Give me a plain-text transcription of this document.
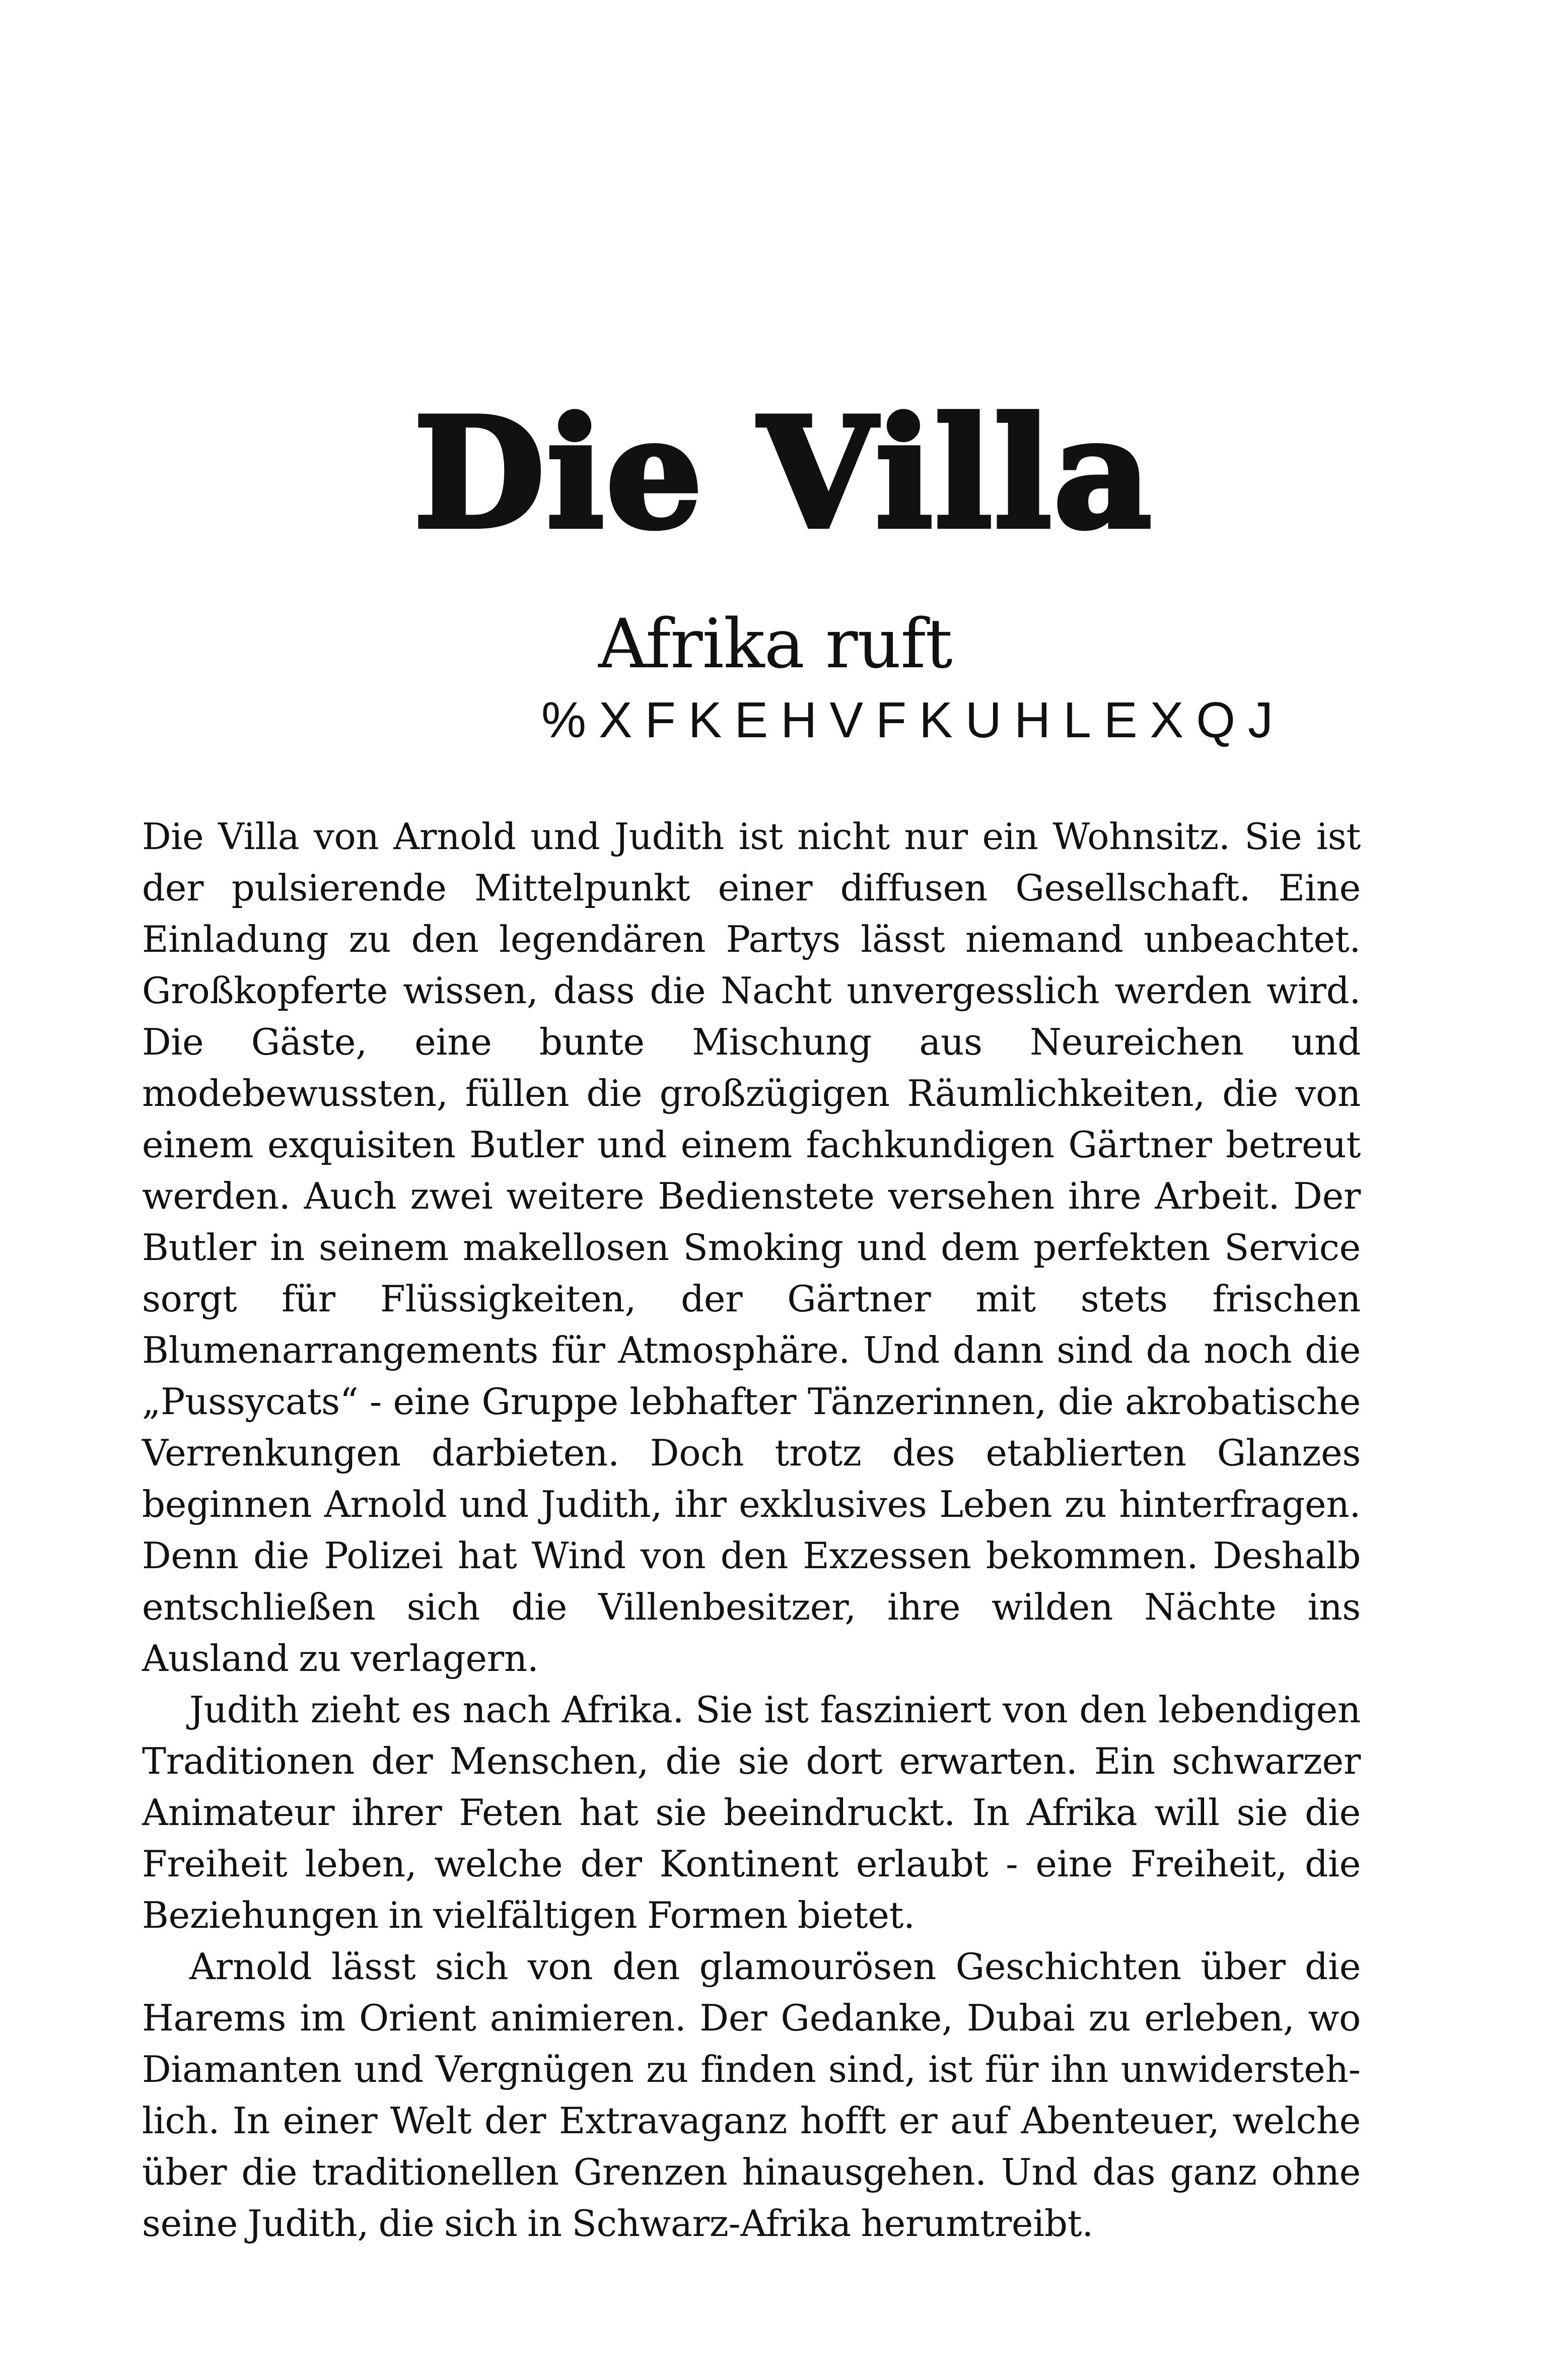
Die Villa
Afrika ruft
%XFKEHVFKUHLEXQJ

Die Villa von Arnold und Judith ist nicht nur ein Wohnsitz. Sie ist der pulsierende Mittelpunkt einer diffusen Gesellschaft. Eine Einladung zu den legendären Partys lässt niemand unbeachtet. Großkopferte wissen, dass die Nacht unvergesslich werden wird. Die Gäste, eine bunte Mischung aus Neureichen und modebewussten, füllen die großzügigen Räumlichkeiten, die von einem exquisiten Butler und einem fachkundigen Gärtner betreut werden. Auch zwei weitere Bedienstete versehen ihre Arbeit. Der Butler in seinem makellosen Smoking und dem perfekten Service sorgt für Flüssigkeiten, der Gärtner mit stets frischen Blumenarrangements für Atmosphäre. Und dann sind da noch die „Pussycats“ - eine Gruppe lebhafter Tänzerinnen, die akrobatische Verrenkungen darbieten. Doch trotz des etablierten Glanzes beginnen Arnold und Judith, ihr exklusives Leben zu hinterfragen. Denn die Polizei hat Wind von den Exzessen bekommen. Deshalb entschließen sich die Villenbesitzer, ihre wilden Nächte ins Ausland zu verlagern.

Judith zieht es nach Afrika. Sie ist fasziniert von den lebendigen Traditionen der Menschen, die sie dort erwarten. Ein schwarzer Animateur ihrer Feten hat sie beeindruckt. In Afrika will sie die Freiheit leben, welche der Kontinent erlaubt - eine Freiheit, die Beziehungen in vielfältigen Formen bietet.

Arnold lässt sich von den glamourösen Geschichten über die Harems im Orient animieren. Der Gedanke, Dubai zu erleben, wo Diamanten und Vergnügen zu finden sind, ist für ihn unwiderstehlich. In einer Welt der Extravaganz hofft er auf Abenteuer, welche über die traditionellen Grenzen hinausgehen. Und das ganz ohne seine Judith, die sich in Schwarz-Afrika herumtreibt.
